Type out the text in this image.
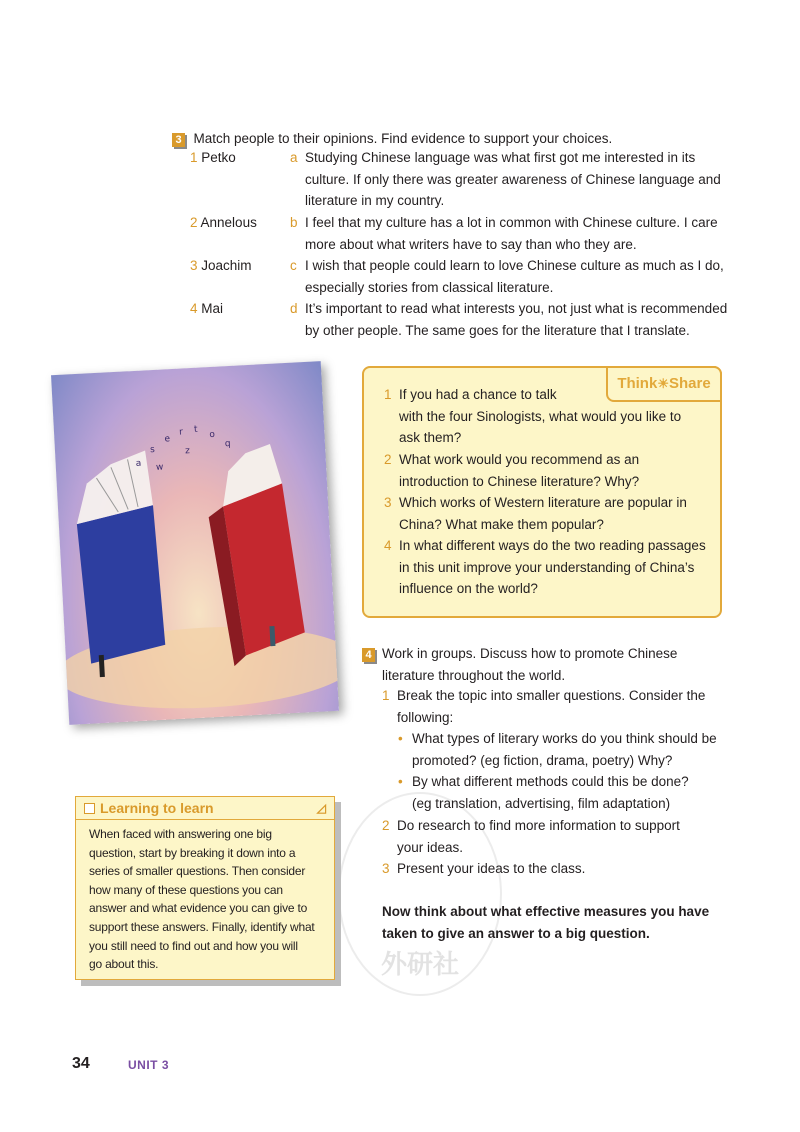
3 Match people to their opinions. Find evidence to support your choices.
1 Petko
2 Annelous
3 Joachim
4 Mai
a Studying Chinese language was what first got me interested in its
culture. If only there was greater awareness of Chinese language and
literature in my country.
b I feel that my culture has a lot in common with Chinese culture. I care
more about what writers have to say than who they are.
c I wish that people could learn to love Chinese culture as much as I do,
especially stories from classical literature.
d It’s important to read what interests you, not just what is recommended
by other people. The same goes for the literature that I translate.
a
s
e
r t
o
q
w
z
Think☀Share
1 If you had a chance to talk
with the four Sinologists, what would you like to
ask them?
2 What work would you recommend as an
introduction to Chinese literature? Why?
3 Which works of Western literature are popular in
China? What make them popular?
4 In what different ways do the two reading passages
in this unit improve your understanding of China’s
influence on the world?
外研社
4 Work in groups. Discuss how to promote Chinese
literature throughout the world.
1 Break the topic into smaller questions. Consider the
following:
• What types of literary works do you think should be
promoted? (eg fiction, drama, poetry) Why?
• By what different methods could this be done?
(eg translation, advertising, film adaptation)
2 Do research to find more information to support
your ideas.
3 Present your ideas to the class.
Now think about what effective measures you have
taken to give an answer to a big question.
Learning to learn	◿
When faced with answering one big
question, start by breaking it down into a
series of smaller questions. Then consider
how many of these questions you can
answer and what evidence you can give to
support these answers. Finally, identify what
you still need to find out and how you will
go about this.
34	UNIT 3
